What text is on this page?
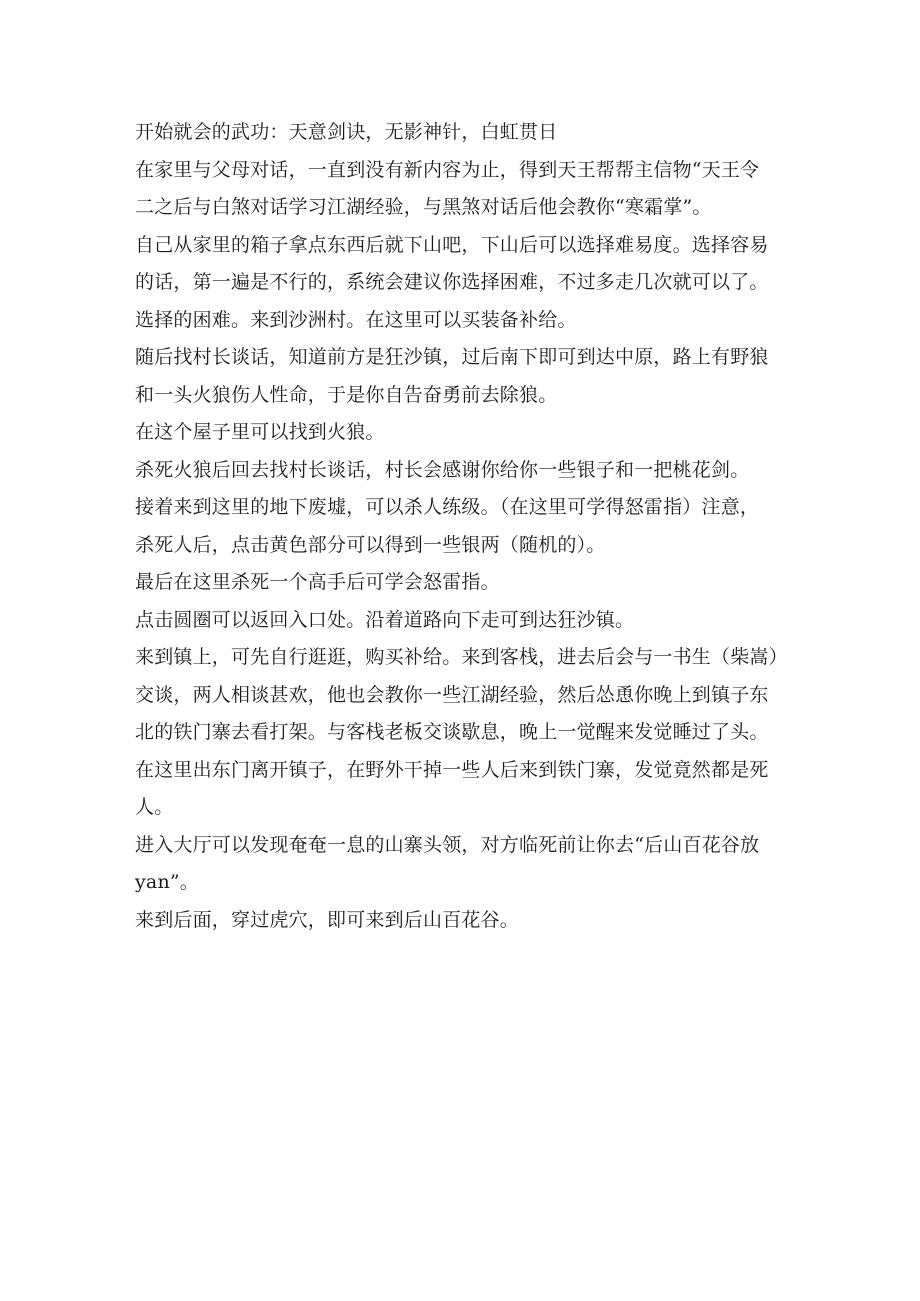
开始就会的武功：天意剑诀，无影神针，白虹贯日
在家里与父母对话，一直到没有新内容为止，得到天王帮帮主信物“天王令
二之后与白煞对话学习江湖经验，与黑煞对话后他会教你“寒霜掌”。
自己从家里的箱子拿点东西后就下山吧，下山后可以选择难易度。选择容易
的话，第一遍是不行的，系统会建议你选择困难，不过多走几次就可以了。
选择的困难。来到沙洲村。在这里可以买装备补给。
随后找村长谈话，知道前方是狂沙镇，过后南下即可到达中原，路上有野狼
和一头火狼伤人性命，于是你自告奋勇前去除狼。
在这个屋子里可以找到火狼。
杀死火狼后回去找村长谈话，村长会感谢你给你一些银子和一把桃花剑。
接着来到这里的地下废墟，可以杀人练级。（在这里可学得怒雷指）注意，
杀死人后，点击黄色部分可以得到一些银两（随机的）。
最后在这里杀死一个高手后可学会怒雷指。
点击圆圈可以返回入口处。沿着道路向下走可到达狂沙镇。
来到镇上，可先自行逛逛，购买补给。来到客栈，进去后会与一书生（柴嵩）
交谈，两人相谈甚欢，他也会教你一些江湖经验，然后怂恿你晚上到镇子东
北的铁门寨去看打架。与客栈老板交谈歇息，晚上一觉醒来发觉睡过了头。
在这里出东门离开镇子，在野外干掉一些人后来到铁门寨，发觉竟然都是死
人。
进入大厅可以发现奄奄一息的山寨头领，对方临死前让你去“后山百花谷放
yan”。
来到后面，穿过虎穴，即可来到后山百花谷。
